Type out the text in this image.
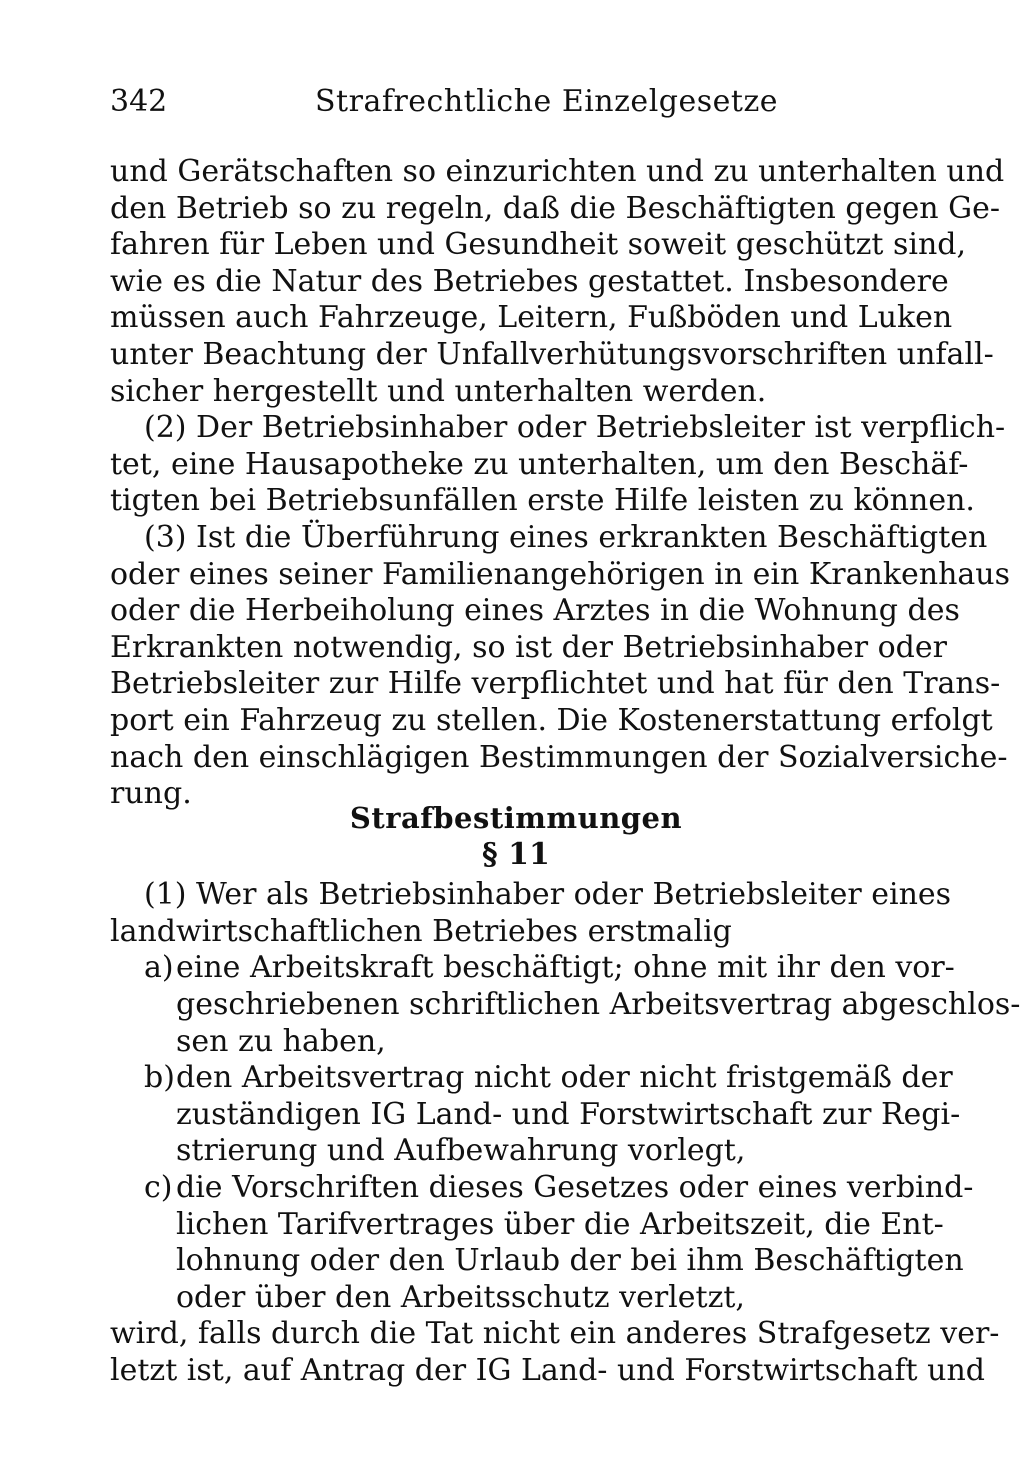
342	Strafrechtliche Einzelgesetze
und Gerätschaften so einzurichten und zu unterhalten und
den Betrieb so zu regeln, daß die Beschäftigten gegen Ge-
fahren für Leben und Gesundheit soweit geschützt sind,
wie es die Natur des Betriebes gestattet. Insbesondere
müssen auch Fahrzeuge, Leitern, Fußböden und Luken
unter Beachtung der Unfallverhütungsvorschriften unfall-
sicher hergestellt und unterhalten werden.
(2) Der Betriebsinhaber oder Betriebsleiter ist verpflich-
tet, eine Hausapotheke zu unterhalten, um den Beschäf-
tigten bei Betriebsunfällen erste Hilfe leisten zu können.
(3) Ist die Überführung eines erkrankten Beschäftigten
oder eines seiner Familienangehörigen in ein Krankenhaus
oder die Herbeiholung eines Arztes in die Wohnung des
Erkrankten notwendig, so ist der Betriebsinhaber oder
Betriebsleiter zur Hilfe verpflichtet und hat für den Trans-
port ein Fahrzeug zu stellen. Die Kostenerstattung erfolgt
nach den einschlägigen Bestimmungen der Sozialversiche-
rung.
Strafbestimmungen
§ 11
(1) Wer als Betriebsinhaber oder Betriebsleiter eines
landwirtschaftlichen Betriebes erstmalig
a) eine Arbeitskraft beschäftigt; ohne mit ihr den vor-
geschriebenen schriftlichen Arbeitsvertrag abgeschlos-
sen zu haben,
b) den Arbeitsvertrag nicht oder nicht fristgemäß der
zuständigen IG Land- und Forstwirtschaft zur Regi-
strierung und Aufbewahrung vorlegt,
c) die Vorschriften dieses Gesetzes oder eines verbind-
lichen Tarifvertrages über die Arbeitszeit, die Ent-
lohnung oder den Urlaub der bei ihm Beschäftigten
oder über den Arbeitsschutz verletzt,
wird, falls durch die Tat nicht ein anderes Strafgesetz ver-
letzt ist, auf Antrag der IG Land- und Forstwirtschaft und
